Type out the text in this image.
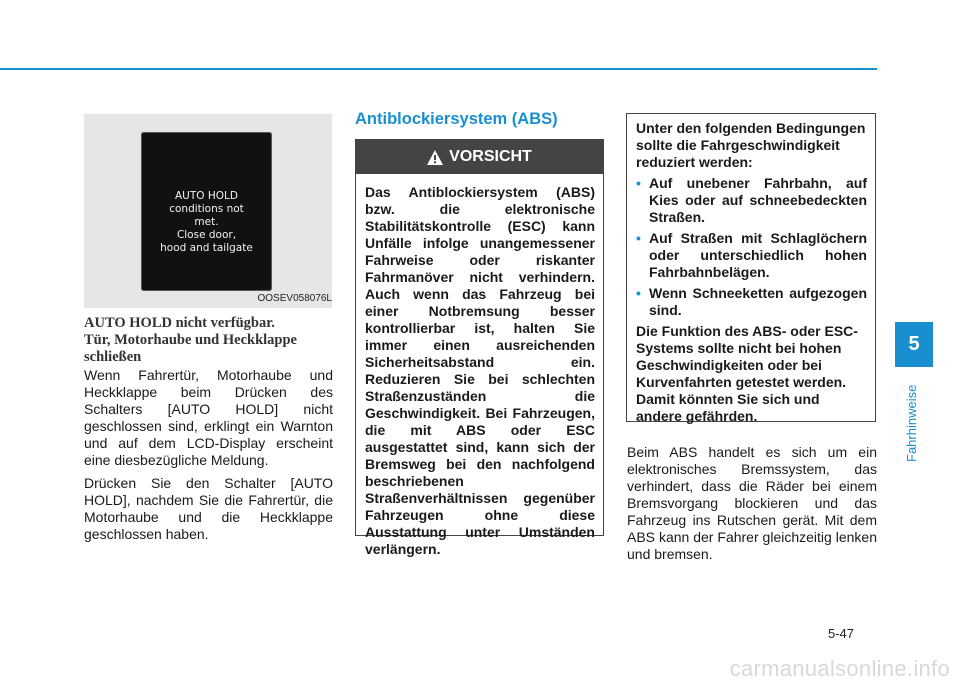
AUTO HOLD
conditions not
met.
Close door,
hood and tailgate
OOSEV058076L
AUTO HOLD nicht verfügbar.
Tür, Motorhaube und Heckklappe
schließen

Wenn Fahrertür, Motorhaube und Heckklappe beim Drücken des Schalters [AUTO HOLD] nicht geschlossen sind, erklingt ein Warnton und auf dem LCD-Display erscheint eine diesbezügliche Meldung.

Drücken Sie den Schalter [AUTO HOLD], nachdem Sie die Fahrertür, die Motorhaube und die Heckklappe geschlossen haben.

Antiblockiersystem (ABS)
VORSICHT
Das Antiblockiersystem (ABS) bzw. die elektronische Stabilitätskontrolle (ESC) kann Unfälle infolge unangemessener Fahrweise oder riskanter Fahrmanöver nicht verhindern. Auch wenn das Fahrzeug bei einer Notbremsung besser kontrollierbar ist, halten Sie immer einen ausreichenden Sicherheitsabstand ein. Reduzieren Sie bei schlechten Straßenzuständen die Geschwindigkeit. Bei Fahrzeugen, die mit ABS oder ESC ausgestattet sind, kann sich der Bremsweg bei den nachfolgend beschriebenen Straßenverhältnissen gegenüber Fahrzeugen ohne diese Ausstattung unter Umständen verlängern.

Unter den folgenden Bedingungen sollte die Fahrgeschwindigkeit reduziert werden:

• Auf unebener Fahrbahn, auf Kies oder auf schneebedeckten Straßen.
• Auf Straßen mit Schlaglöchern oder unterschiedlich hohen Fahrbahnbelägen.
• Wenn Schneeketten aufgezogen sind.

Die Funktion des ABS- oder ESC-Systems sollte nicht bei hohen Geschwindigkeiten oder bei Kurvenfahrten getestet werden. Damit könnten Sie sich und andere gefährden.

Beim ABS handelt es sich um ein elektronisches Bremssystem, das verhindert, dass die Räder bei einem Bremsvorgang blockieren und das Fahrzeug ins Rutschen gerät. Mit dem ABS kann der Fahrer gleichzeitig lenken und bremsen.
5
Fahrhinweise
5-47
carmanualsonline.info
